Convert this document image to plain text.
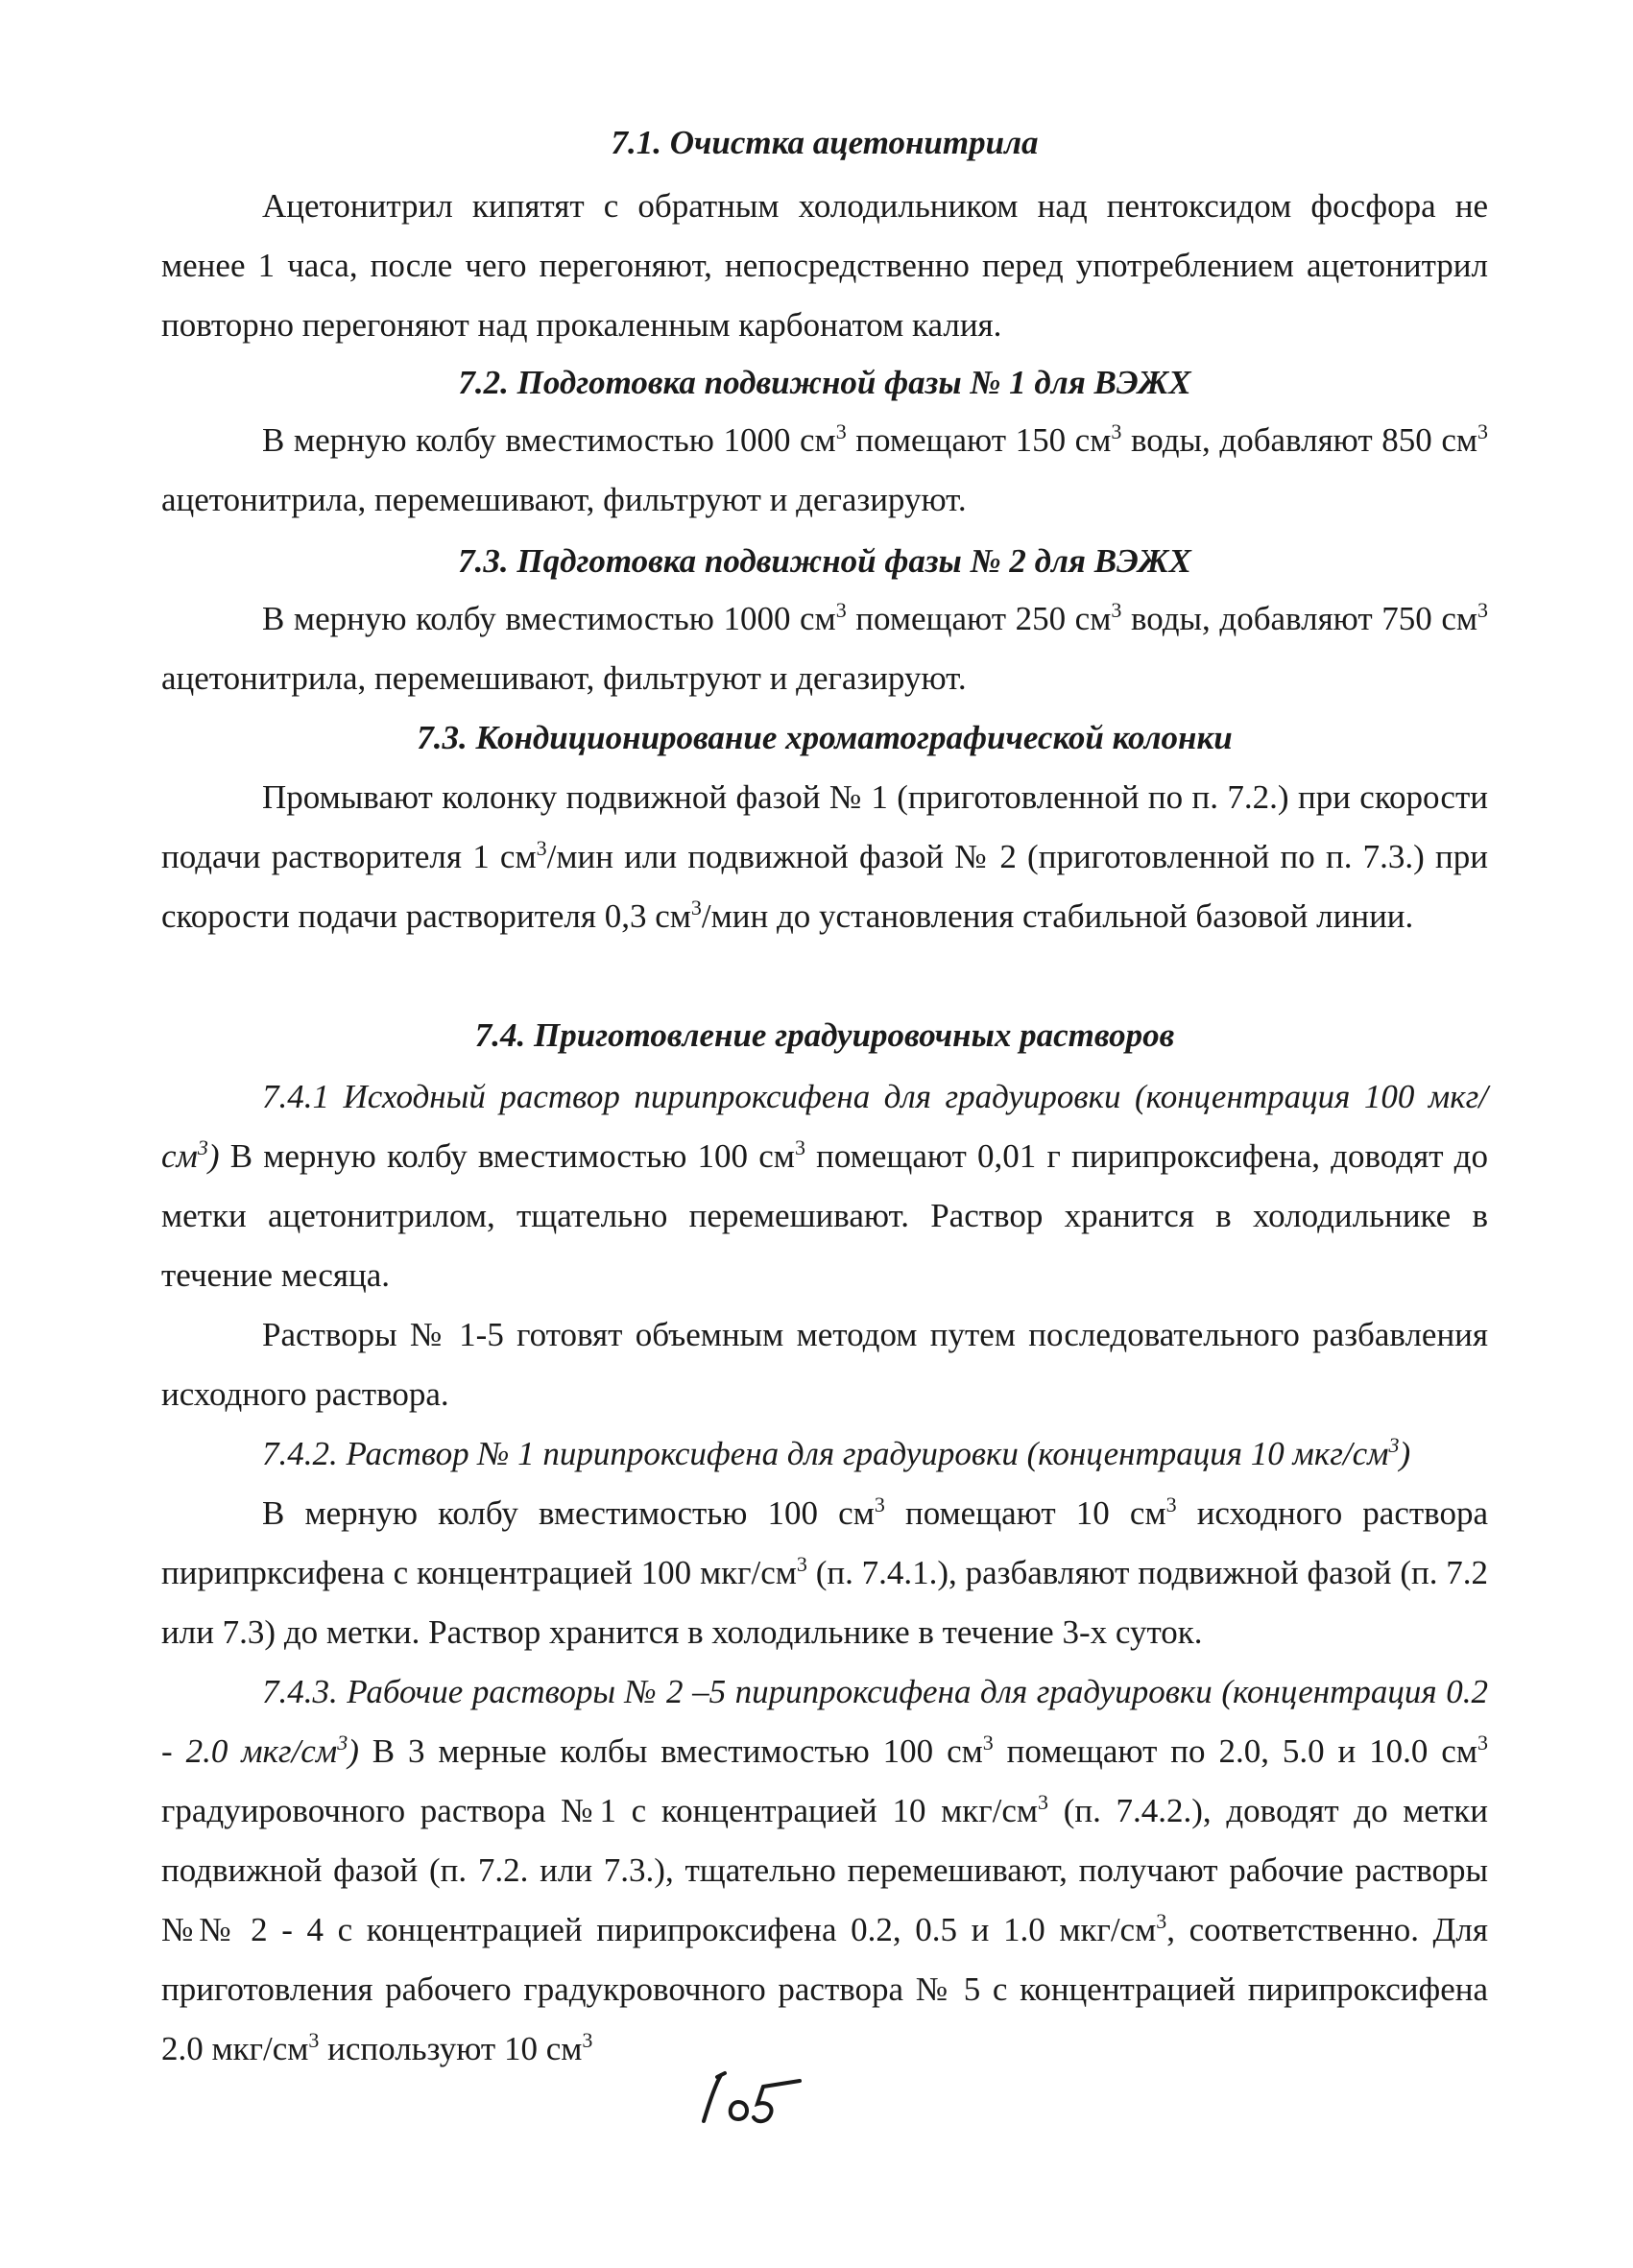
7.1. Очистка ацетонитрила

Ацетонитрил кипятят с обратным холодильником над пентоксидом фосфора не менее 1 часа, после чего перегоняют, непосредственно перед употреблением ацетонитрил повторно перегоняют над прокаленным карбонатом калия.

7.2. Подготовка подвижной фазы № 1 для ВЭЖХ

В мерную колбу вместимостью 1000 $см^3$ помещают 150 $см^3$ воды, добавляют 850 $см^3$ ацетонитрила, перемешивают, фильтруют и дегазируют.

7.3. Пqдготовка подвижной фазы № 2 для ВЭЖХ

В мерную колбу вместимостью 1000 $см^3$ помещают 250 $см^3$ воды, добавляют 750 $см^3$ ацетонитрила, перемешивают, фильтруют и дегазируют.

7.3. Кондиционирование хроматографической колонки

Промывают колонку подвижной фазой № 1 (приготовленной по п. 7.2.) при скорости подачи растворителя 1 $см^3$/мин или подвижной фазой № 2 (приготовленной по п. 7.3.) при скорости подачи растворителя 0,3 $см^3$/мин до установления стабильной базовой линии.

7.4. Приготовление градуировочных растворов

7.4.1 Исходный раствор пирипроксифена для градуировки (концентрация 100 мкг/$см^3$) В мерную колбу вместимостью 100 $см^3$ помещают 0,01 г пирипроксифена, доводят до метки ацетонитрилом, тщательно перемешивают. Раствор хранится в холодильнике в течение месяца.

Растворы № 1-5 готовят объемным методом путем последовательного разбавления исходного раствора.

7.4.2. Раствор № 1 пирипроксифена для градуировки (концентрация 10 мкг/$см^3$)

В мерную колбу вместимостью 100 $см^3$ помещают 10 $см^3$ исходного раствора пирипрксифена с концентрацией 100 мкг/$см^3$ (п. 7.4.1.), разбавляют подвижной фазой (п. 7.2 или 7.3) до метки. Раствор хранится в холодильнике в течение 3-х суток.

7.4.3. Рабочие растворы № 2 –5 пирипроксифена для градуировки (концентрация 0.2 - 2.0 мкг/$см^3$) В 3 мерные колбы вместимостью 100 $см^3$ помещают по 2.0, 5.0 и 10.0 $см^3$ градуировочного раствора №1 с концентрацией 10 мкг/$см^3$ (п. 7.4.2.), доводят до метки подвижной фазой (п. 7.2. или 7.3.), тщательно перемешивают, получают рабочие растворы №№ 2 - 4 с концентрацией пирипроксифена 0.2, 0.5 и 1.0 мкг/$см^3$, соответственно. Для приготовления рабочего градукровочного раствора № 5 с концентрацией пирипроксифена 2.0 мкг/$см^3$ используют 10 $см^3$
